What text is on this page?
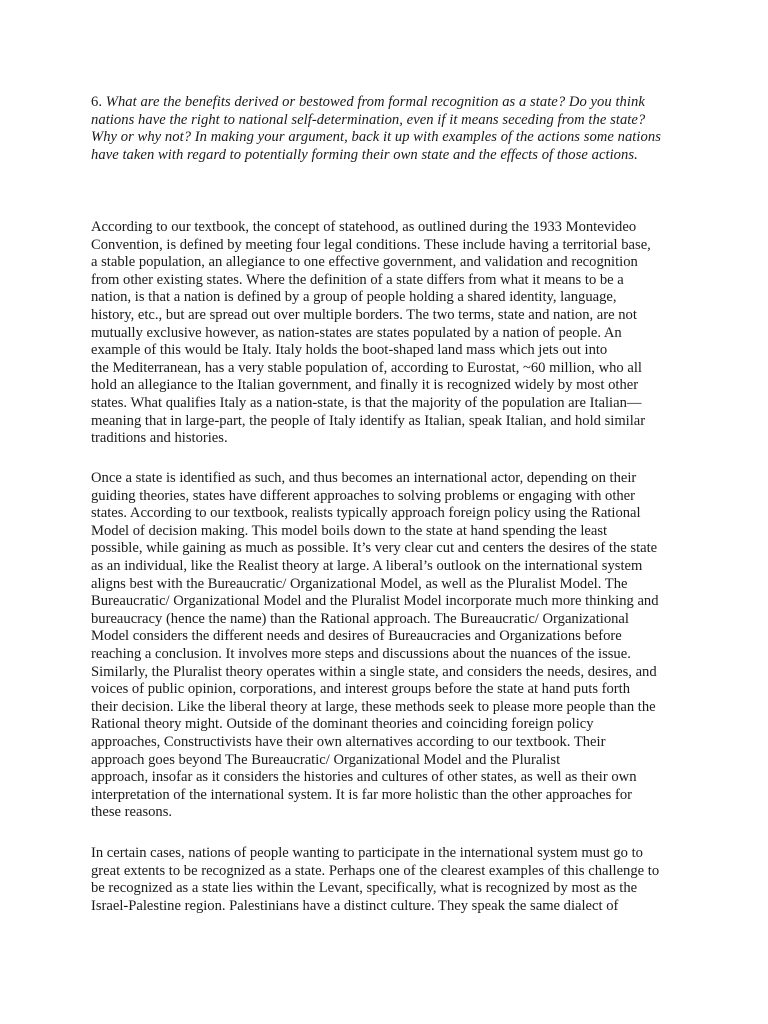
6. What are the benefits derived or bestowed from formal recognition as a state? Do you think
nations have the right to national self-determination, even if it means seceding from the state?
Why or why not? In making your argument, back it up with examples of the actions some nations
have taken with regard to potentially forming their own state and the effects of those actions.

According to our textbook, the concept of statehood, as outlined during the 1933 Montevideo
Convention, is defined by meeting four legal conditions. These include having a territorial base,
a stable population, an allegiance to one effective government, and validation and recognition
from other existing states. Where the definition of a state differs from what it means to be a
nation, is that a nation is defined by a group of people holding a shared identity, language,
history, etc., but are spread out over multiple borders. The two terms, state and nation, are not
mutually exclusive however, as nation-states are states populated by a nation of people. An
example of this would be Italy. Italy holds the boot-shaped land mass which jets out into
the Mediterranean, has a very stable population of, according to Eurostat, ~60 million, who all
hold an allegiance to the Italian government, and finally it is recognized widely by most other
states. What qualifies Italy as a nation-state, is that the majority of the population are Italian—
meaning that in large-part, the people of Italy identify as Italian, speak Italian, and hold similar
traditions and histories.

Once a state is identified as such, and thus becomes an international actor, depending on their
guiding theories, states have different approaches to solving problems or engaging with other
states. According to our textbook, realists typically approach foreign policy using the Rational
Model of decision making. This model boils down to the state at hand spending the least
possible, while gaining as much as possible. It’s very clear cut and centers the desires of the state
as an individual, like the Realist theory at large. A liberal’s outlook on the international system
aligns best with the Bureaucratic/ Organizational Model, as well as the Pluralist Model. The
Bureaucratic/ Organizational Model and the Pluralist Model incorporate much more thinking and
bureaucracy (hence the name) than the Rational approach. The Bureaucratic/ Organizational
Model considers the different needs and desires of Bureaucracies and Organizations before
reaching a conclusion. It involves more steps and discussions about the nuances of the issue.
Similarly, the Pluralist theory operates within a single state, and considers the needs, desires, and
voices of public opinion, corporations, and interest groups before the state at hand puts forth
their decision. Like the liberal theory at large, these methods seek to please more people than the
Rational theory might. Outside of the dominant theories and coinciding foreign policy
approaches, Constructivists have their own alternatives according to our textbook. Their
approach goes beyond The Bureaucratic/ Organizational Model and the Pluralist
approach, insofar as it considers the histories and cultures of other states, as well as their own
interpretation of the international system. It is far more holistic than the other approaches for
these reasons.

In certain cases, nations of people wanting to participate in the international system must go to
great extents to be recognized as a state. Perhaps one of the clearest examples of this challenge to
be recognized as a state lies within the Levant, specifically, what is recognized by most as the
Israel-Palestine region. Palestinians have a distinct culture. They speak the same dialect of
